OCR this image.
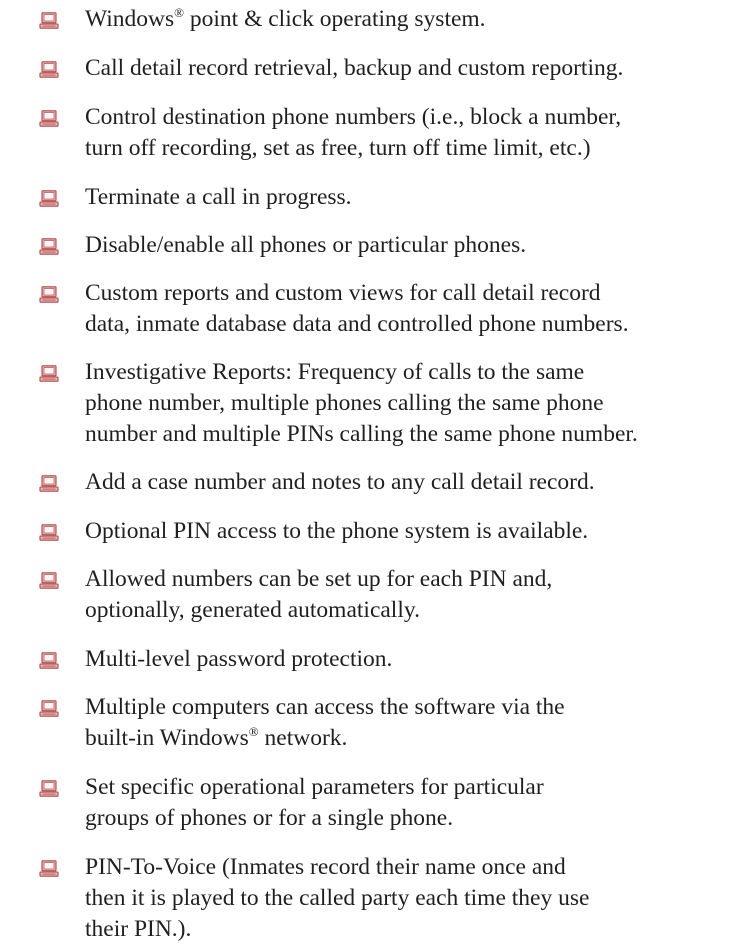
Windows® point & click operating system.
Call detail record retrieval, backup and custom reporting.
Control destination phone numbers (i.e., block a number,
turn off recording, set as free, turn off time limit, etc.)
Terminate a call in progress.
Disable/enable all phones or particular phones.
Custom reports and custom views for call detail record
data, inmate database data and controlled phone numbers.
Investigative Reports: Frequency of calls to the same
phone number, multiple phones calling the same phone
number and multiple PINs calling the same phone number.
Add a case number and notes to any call detail record.
Optional PIN access to the phone system is available.
Allowed numbers can be set up for each PIN and,
optionally, generated automatically.
Multi-level password protection.
Multiple computers can access the software via the
built-in Windows® network.
Set specific operational parameters for particular
groups of phones or for a single phone.
PIN-To-Voice (Inmates record their name once and
then it is played to the called party each time they use
their PIN.).
